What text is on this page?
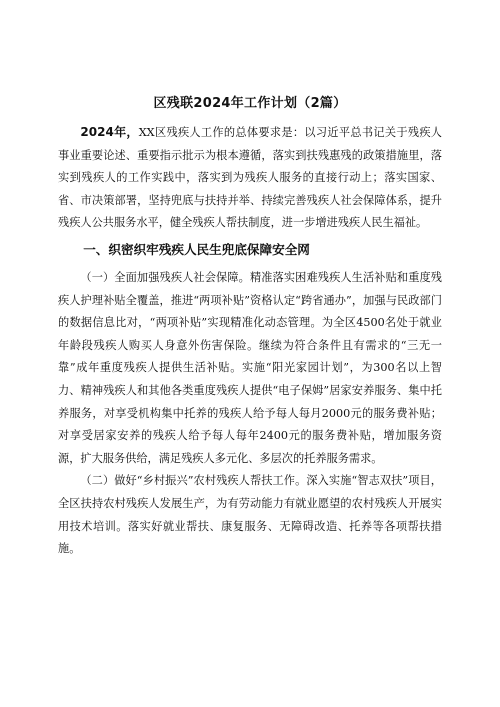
区残联2024年工作计划（2篇）

2024年，XX区残疾人工作的总体要求是：以习近平总书记关于残疾人事业重要论述、重要指示批示为根本遵循，落实到扶残惠残的政策措施里，落实到残疾人的工作实践中，落实到为残疾人服务的直接行动上；落实国家、省、市决策部署，坚持兜底与扶持并举、持续完善残疾人社会保障体系，提升残疾人公共服务水平，健全残疾人帮扶制度，进一步增进残疾人民生福祉。

一、织密织牢残疾人民生兜底保障安全网

（一）全面加强残疾人社会保障。精准落实困难残疾人生活补贴和重度残疾人护理补贴全覆盖，推进“两项补贴”资格认定“跨省通办”，加强与民政部门的数据信息比对，“两项补贴”实现精准化动态管理。为全区4500名处于就业年龄段残疾人购买人身意外伤害保险。继续为符合条件且有需求的“三无一靠”成年重度残疾人提供生活补贴。实施“阳光家园计划”，为300名以上智力、精神残疾人和其他各类重度残疾人提供“电子保姆”居家安养服务、集中托养服务，对享受机构集中托养的残疾人给予每人每月2000元的服务费补贴；对享受居家安养的残疾人给予每人每年2400元的服务费补贴，增加服务资源，扩大服务供给，满足残疾人多元化、多层次的托养服务需求。

（二）做好“乡村振兴”农村残疾人帮扶工作。深入实施“智志双扶”项目，全区扶持农村残疾人发展生产，为有劳动能力有就业愿望的农村残疾人开展实用技术培训。落实好就业帮扶、康复服务、无障碍改造、托养等各项帮扶措施。
